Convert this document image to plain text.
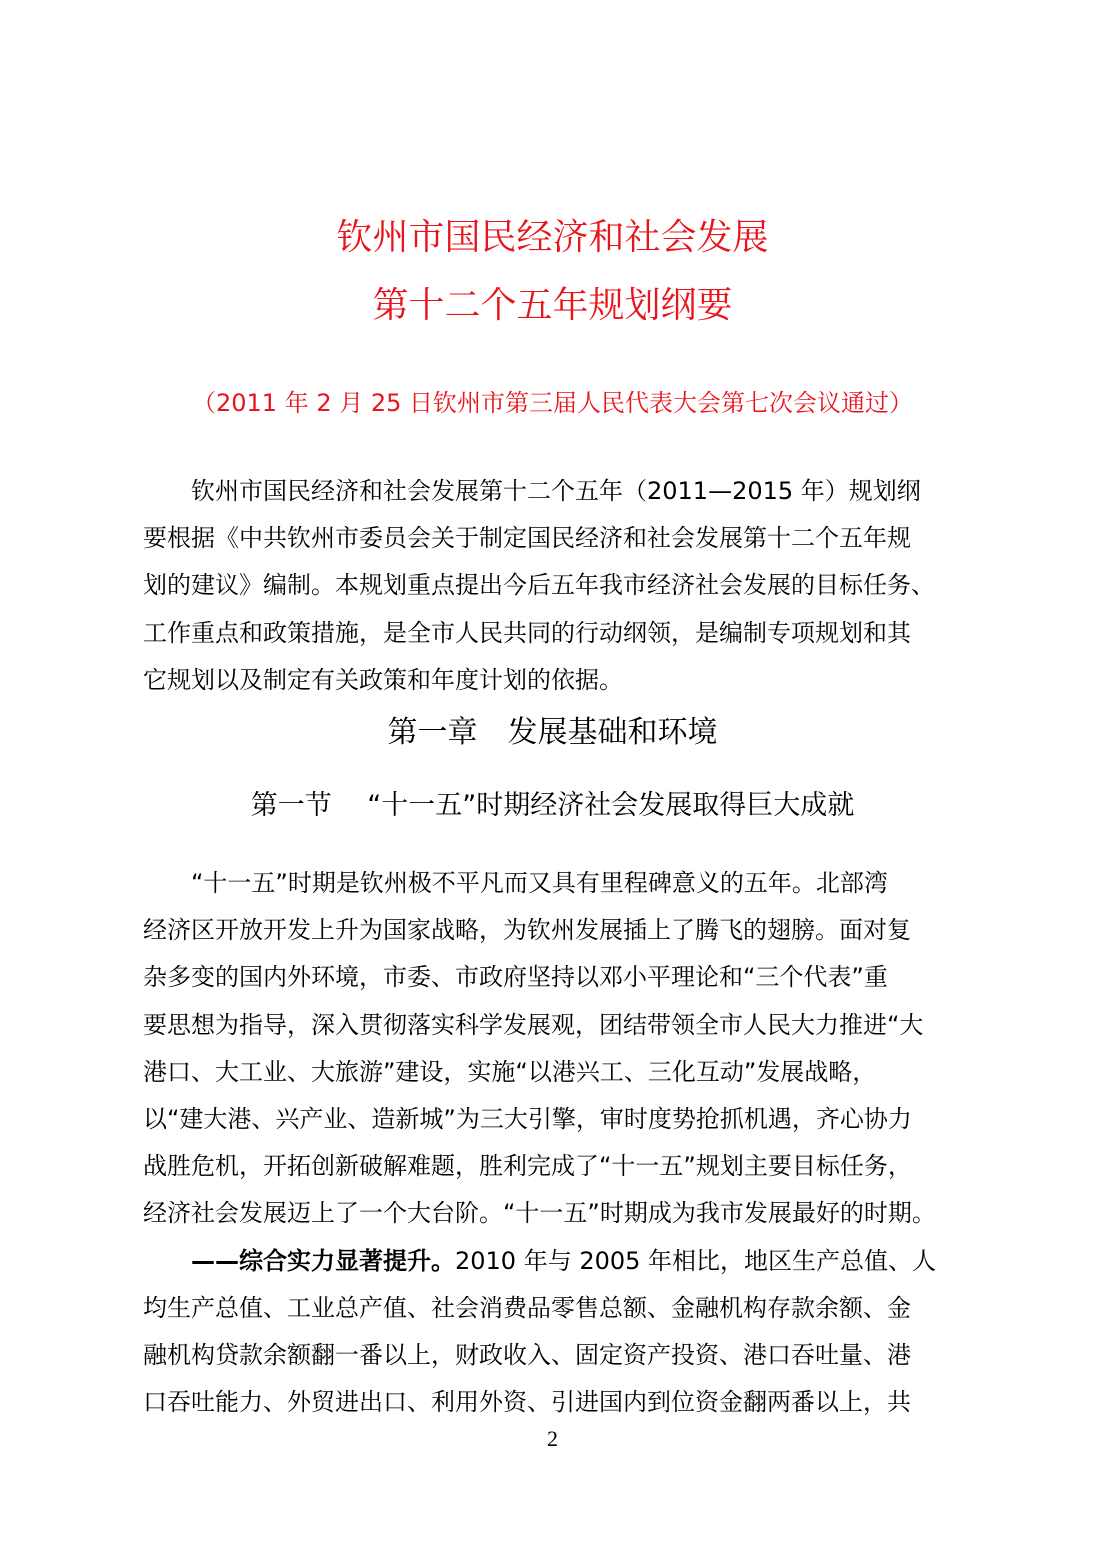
钦州市国民经济和社会发展
第十二个五年规划纲要
（2011 年 2 月 25 日钦州市第三届人民代表大会第七次会议通过）
钦州市国民经济和社会发展第十二个五年（2011—2015 年）规划纲
要根据《中共钦州市委员会关于制定国民经济和社会发展第十二个五年规
划的建议》编制。本规划重点提出今后五年我市经济社会发展的目标任务、
工作重点和政策措施，是全市人民共同的行动纲领，是编制专项规划和其
它规划以及制定有关政策和年度计划的依据。
第一章　发展基础和环境
第一节　 “十一五”时期经济社会发展取得巨大成就
“十一五”时期是钦州极不平凡而又具有里程碑意义的五年。北部湾
经济区开放开发上升为国家战略，为钦州发展插上了腾飞的翅膀。面对复
杂多变的国内外环境，市委、市政府坚持以邓小平理论和“三个代表”重
要思想为指导，深入贯彻落实科学发展观，团结带领全市人民大力推进“大
港口、大工业、大旅游”建设，实施“以港兴工、三化互动”发展战略，
以“建大港、兴产业、造新城”为三大引擎，审时度势抢抓机遇，齐心协力
战胜危机，开拓创新破解难题，胜利完成了“十一五”规划主要目标任务，
经济社会发展迈上了一个大台阶。“十一五”时期成为我市发展最好的时期。
——综合实力显著提升。2010 年与 2005 年相比，地区生产总值、人
均生产总值、工业总产值、社会消费品零售总额、金融机构存款余额、金
融机构贷款余额翻一番以上，财政收入、固定资产投资、港口吞吐量、港
口吞吐能力、外贸进出口、利用外资、引进国内到位资金翻两番以上，共
2
